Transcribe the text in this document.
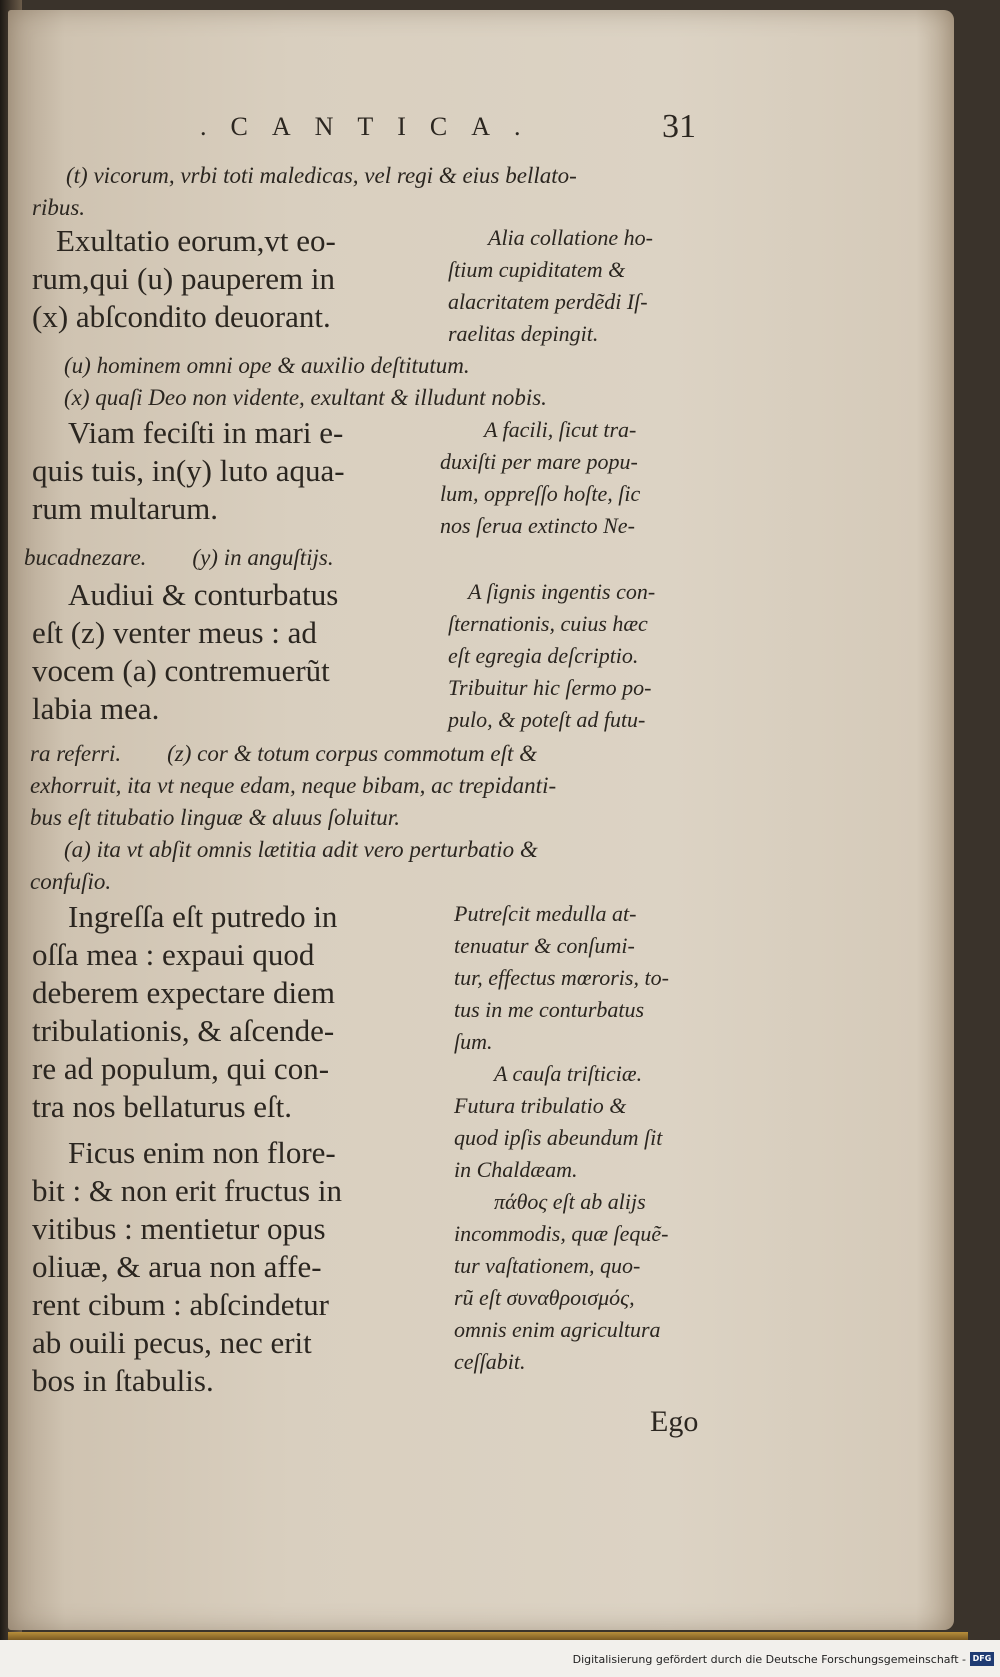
.CANTICA.	31
(t) vicorum, vrbi toti maledicas, vel regi & eius bellato-
ribus.
Exultatio eorum,vt eo-
rum,qui (u) pauperem in
(x) abſcondito deuorant.
Alia collatione ho-
ſtium cupiditatem &
alacritatem perdẽdi Iſ-
raelitas depingit.
(u) hominem omni ope & auxilio deſtitutum.
(x) quaſi Deo non vidente, exultant & illudunt nobis.
Viam feciſti in mari e-
quis tuis, in(y) luto aqua-
rum multarum.
A facili, ſicut tra-
duxiſti per mare popu-
lum, oppreſſo hoſte, ſic
nos ſerua extincto Ne-
bucadnezare.        (y) in anguſtijs.
Audiui & conturbatus
eſt (z) venter meus : ad
vocem (a) contremuerũt
labia mea.
A ſignis ingentis con-
ſternationis, cuius hæc
eſt egregia deſcriptio.
Tribuitur hic ſermo po-
pulo, & poteſt ad futu-
ra referri.        (z) cor & totum corpus commotum eſt &
exhorruit, ita vt neque edam, neque bibam, ac trepidanti-
bus eſt titubatio linguæ & aluus ſoluitur.
(a) ita vt abſit omnis lætitia adit vero perturbatio &
confuſio.
Ingreſſa eſt putredo in
oſſa mea : expaui quod
deberem expectare diem
tribulationis, & aſcende-
re ad populum, qui con-
tra nos bellaturus eſt.
Ficus enim non flore-
bit : & non erit fructus in
vitibus : mentietur opus
oliuæ, & arua non affe-
rent cibum : abſcindetur
ab ouili pecus, nec erit
bos in ſtabulis.
Putreſcit medulla at-
tenuatur & conſumi-
tur, effectus mœroris, to-
tus in me conturbatus
ſum.
A cauſa triſticiæ.
Futura tribulatio &
quod ipſis abeundum ſit
in Chaldæam.
πάθος eſt ab alijs
incommodis, quæ ſequẽ-
tur vaſtationem, quo-
rũ eſt συναθροισμός,
omnis enim agricultura
ceſſabit.
Ego
Digitalisierung gefördert durch die Deutsche Forschungsgemeinschaft - DFG
